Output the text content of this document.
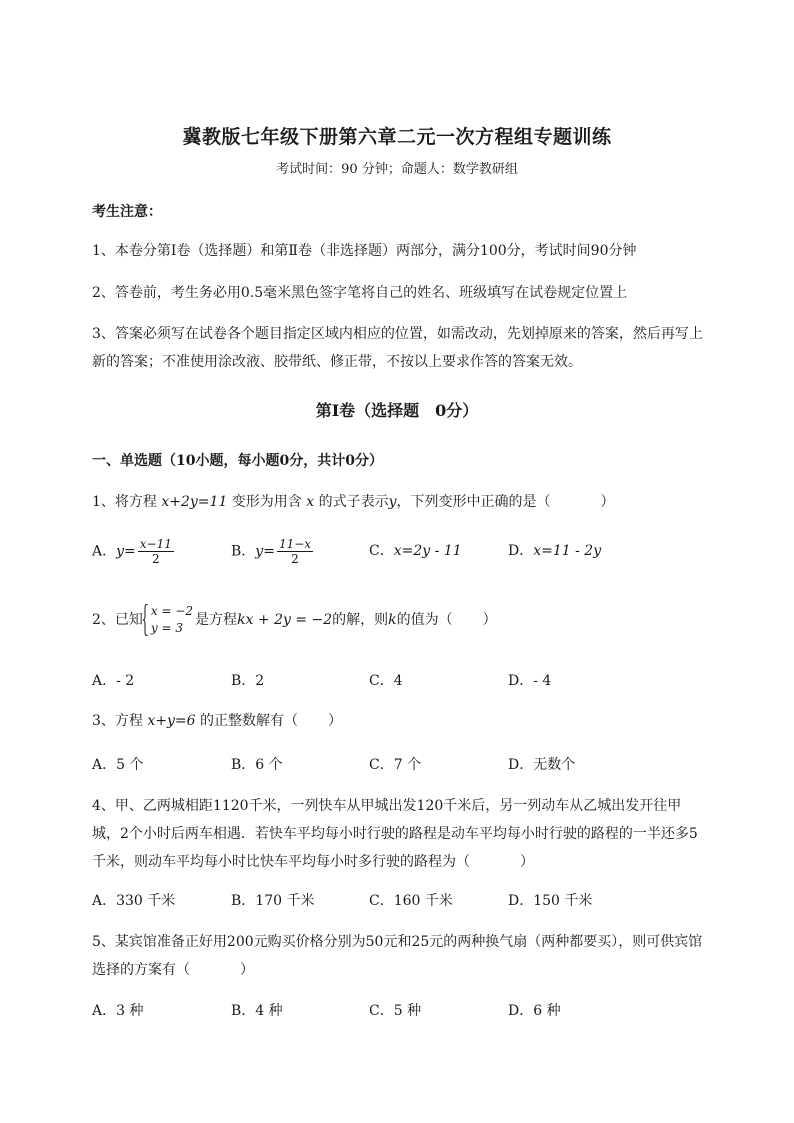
冀教版七年级下册第六章二元一次方程组专题训练
考试时间：90 分钟；命题人：数学教研组
考生注意：
1、本卷分第Ⅰ卷（选择题）和第Ⅱ卷（非选择题）两部分，满分100分，考试时间90分钟
2、答卷前，考生务必用0.5毫米黑色签字笔将自己的姓名、班级填写在试卷规定位置上
3、答案必须写在试卷各个题目指定区域内相应的位置，如需改动，先划掉原来的答案，然后再写上新的答案；不准使用涂改液、胶带纸、修正带，不按以上要求作答的答案无效。
第Ⅰ卷（选择题　0分）
一、单选题（10小题，每小题0分，共计0分）
1、将方程 x+2y=11 变形为用含 x 的式子表示y，下列变形中正确的是（	）
A．$y= \frac{x-11}{2}$	B．$y= \frac{11-x}{2}$	C．x=2y - 11	D．x=11 - 2y
2、已知
x = −2
y = 3 是方程kx + 2y = −2的解，则k的值为（ ）
A．- 2	B．2	C．4	D．- 4
3、方程 x+y=6 的正整数解有（ ）
A．5 个	B．6 个	C．7 个	D．无数个
4、甲、乙两城相距1120千米，一列快车从甲城出发120千米后，另一列动车从乙城出发开往甲城，2个小时后两车相遇．若快车平均每小时行驶的路程是动车平均每小时行驶的路程的一半还多5千米，则动车平均每小时比快车平均每小时多行驶的路程为（	）
A．330 千米	B．170 千米	C．160 千米	D．150 千米
5、某宾馆准备正好用200元购买价格分别为50元和25元的两种换气扇（两种都要买），则可供宾馆选择的方案有（	）
A．3 种	B．4 种	C．5 种	D．6 种
